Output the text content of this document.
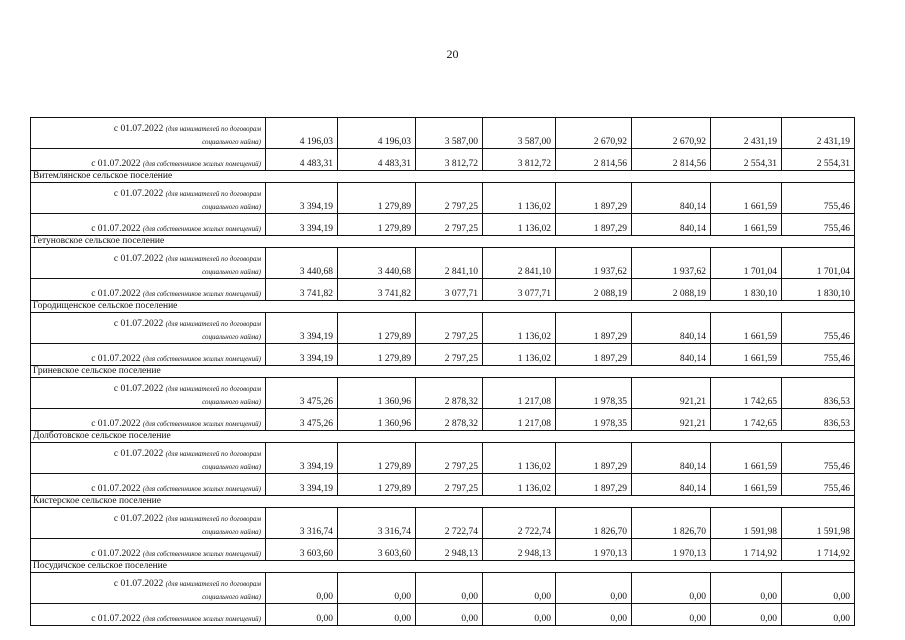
20
с 01.07.2022 (для нанимателей по договорам
социального найма)	4 196,03	4 196,03	3 587,00	3 587,00	2 670,92	2 670,92	2 431,19	2 431,19
с 01.07.2022 (для собственников жилых помещений)	4 483,31	4 483,31	3 812,72	3 812,72	2 814,56	2 814,56	2 554,31	2 554,31
Витемлянское сельское поселение								

с 01.07.2022 (для нанимателей по договорам
социального найма)	3 394,19	1 279,89	2 797,25	1 136,02	1 897,29	840,14	1 661,59	755,46
с 01.07.2022 (для собственников жилых помещений)	3 394,19	1 279,89	2 797,25	1 136,02	1 897,29	840,14	1 661,59	755,46
Гетуновское сельское поселение								

с 01.07.2022 (для нанимателей по договорам
социального найма)	3 440,68	3 440,68	2 841,10	2 841,10	1 937,62	1 937,62	1 701,04	1 701,04
с 01.07.2022 (для собственников жилых помещений)	3 741,82	3 741,82	3 077,71	3 077,71	2 088,19	2 088,19	1 830,10	1 830,10
Городищенское сельское поселение								

с 01.07.2022 (для нанимателей по договорам
социального найма)	3 394,19	1 279,89	2 797,25	1 136,02	1 897,29	840,14	1 661,59	755,46
с 01.07.2022 (для собственников жилых помещений)	3 394,19	1 279,89	2 797,25	1 136,02	1 897,29	840,14	1 661,59	755,46
Гриневское сельское поселение								

с 01.07.2022 (для нанимателей по договорам
социального найма)	3 475,26	1 360,96	2 878,32	1 217,08	1 978,35	921,21	1 742,65	836,53
с 01.07.2022 (для собственников жилых помещений)	3 475,26	1 360,96	2 878,32	1 217,08	1 978,35	921,21	1 742,65	836,53
Долботовское сельское поселение								

с 01.07.2022 (для нанимателей по договорам
социального найма)	3 394,19	1 279,89	2 797,25	1 136,02	1 897,29	840,14	1 661,59	755,46
с 01.07.2022 (для собственников жилых помещений)	3 394,19	1 279,89	2 797,25	1 136,02	1 897,29	840,14	1 661,59	755,46
Кистерское сельское поселение								

с 01.07.2022 (для нанимателей по договорам
социального найма)	3 316,74	3 316,74	2 722,74	2 722,74	1 826,70	1 826,70	1 591,98	1 591,98
с 01.07.2022 (для собственников жилых помещений)	3 603,60	3 603,60	2 948,13	2 948,13	1 970,13	1 970,13	1 714,92	1 714,92
Посудичское сельское поселение								

с 01.07.2022 (для нанимателей по договорам
социального найма)	0,00	0,00	0,00	0,00	0,00	0,00	0,00	0,00
с 01.07.2022 (для собственников жилых помещений)	0,00	0,00	0,00	0,00	0,00	0,00	0,00	0,00
